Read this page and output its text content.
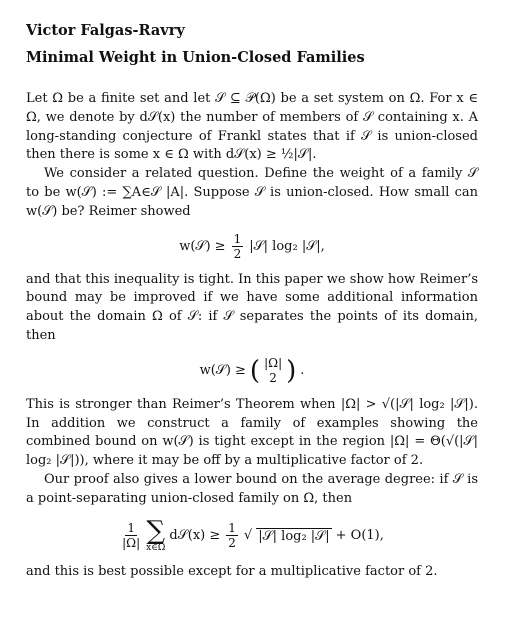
Victor Falgas-Ravry
Minimal Weight in Union-Closed Families

Let Ω be a finite set and let 𝒮 ⊆ 𝒫(Ω) be a set system on Ω. For x ∈ Ω, we denote by d𝒮(x) the number of members of 𝒮 containing x. A long-standing conjecture of Frankl states that if 𝒮 is union-closed then there is some x ∈ Ω with d𝒮(x) ≥ ½|𝒮|.

We consider a related question. Define the weight of a family 𝒮 to be w(𝒮) := ∑A∈𝒮 |A|. Suppose 𝒮 is union-closed. How small can w(𝒮) be? Reimer showed

w(𝒮) ≥ $\frac{1}{2}$ |𝒮| log₂ |𝒮|,

and that this inequality is tight. In this paper we show how Reimer’s bound may be improved if we have some additional information about the domain Ω of 𝒮: if 𝒮 separates the points of its domain, then

w(𝒮) ≥ ( |Ω|
2 ) .

This is stronger than Reimer’s Theorem when |Ω| > √(|𝒮| log₂ |𝒮|). In addition we construct a family of examples showing the combined bound on w(𝒮) is tight except in the region |Ω| = Θ(√(|𝒮| log₂ |𝒮|)), where it may be off by a multiplicative factor of 2.

Our proof also gives a lower bound on the average degree: if 𝒮 is a point-separating union-closed family on Ω, then

$\frac{1}{|\Omega|}$ ∑
x∈Ω
d𝒮(x) ≥ $\frac{1}{2}$ √ |𝒮| log₂ |𝒮| + O(1),

and this is best possible except for a multiplicative factor of 2.
